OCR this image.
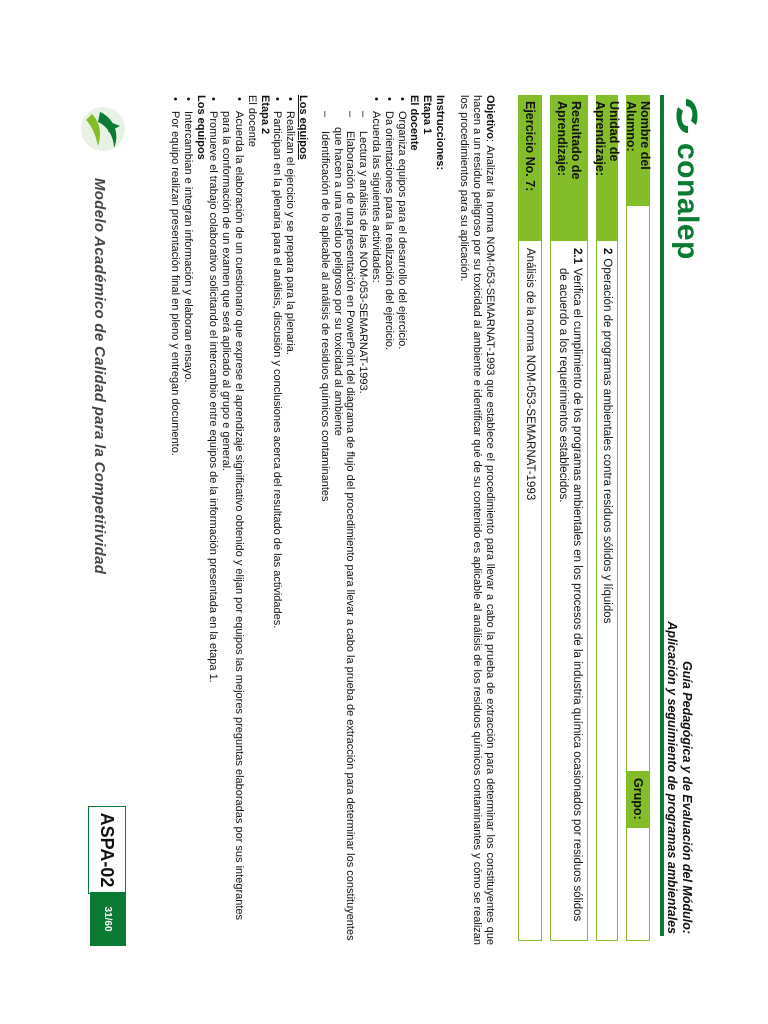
conalep
Guía Pedagógica y de Evaluación del Módulo:
Aplicación y seguimiento de programas ambientales
Nombre del Alumno:
Grupo:
Unidad de Aprendizaje:
2
Operación de programas ambientales contra residuos sólidos y líquidos
Resultado de Aprendizaje:
2.1
Verifica el cumplimiento de los programas ambientales en los procesos de la industria química ocasionados por residuos sólidos de acuerdo a los requerimientos establecidos.
Ejercicio No. 7:
Análisis de la norma NOM-053-SEMARNAT-1993
Objetivo: Analizar la norma NOM-053-SEMARNAT-1993 que establece el procedimiento para llevar a cabo la prueba de extracción para determinar los constituyentes que hacen a un residuo peligroso por su toxicidad al ambiente e identificar qué de su contenido es aplicable al análisis de los residuos químicos contaminantes y cómo se realizan los procedimientos para su aplicación.
Instrucciones:
Etapa 1
El docente
•
Organiza equipos para el desarrollo del ejercicio.
•
Da orientaciones para la realización del ejercicio.
•
Acuerda las siguientes actividades:
–
Lectura y análisis de las NOM-053-SEMARNAT-1993.
–
Elaboración de una presentación en PowerPoint del diagrama de flujo del procedimiento para llevar a cabo la prueba de extracción para determinar los constituyentes que hacen a una residuo peligroso por su toxicidad al ambiente
–
Identificación de lo aplicable al análisis de residuos químicos contaminantes
Los equipos
•
Realizan el ejercicio y se prepara para la plenaria.
•
Participan en la plenaria para el análisis, discusión y conclusiones acerca del resultado de las actividades.
Etapa 2
El docente
•
Acuerda la elaboración de un cuestionario que exprese el aprendizaje significativo obtenido y elijan por equipos las mejores preguntas elaboradas por sus integrantes para la conformación de un examen que será aplicado al grupo e general.
•
Promueve el trabajo colaborativo solicitando el intercambio entre equipos de la información presentada en la etapa 1.
Los equipos
•
Intercambian e integran información y elaboran ensayo.
•
Por equipo realizan presentación final en pleno y entregan documento.
Modelo Académico de Calidad para la Competitividad
ASPA-02
31/60
